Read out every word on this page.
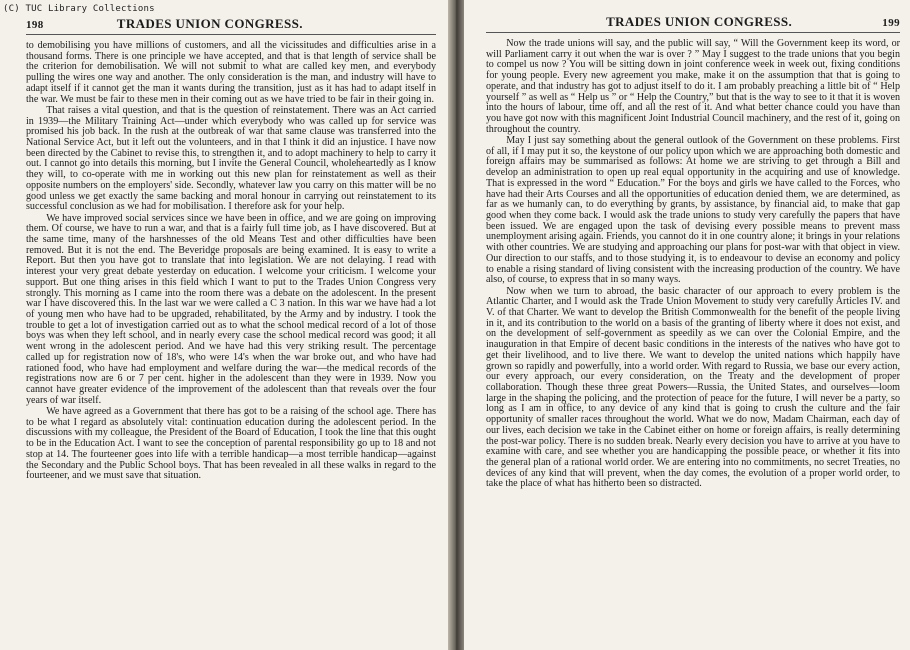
(C) TUC Library Collections
198	TRADES UNION CONGRESS.

to demobilising you have millions of customers, and all the vicissitudes and difficulties arise in a thousand forms. There is one principle we have accepted, and that is that length of service shall be the criterion for demobilisation. We will not submit to what are called key men, and everybody pulling the wires one way and another. The only consideration is the man, and industry will have to adapt itself if it cannot get the man it wants during the transition, just as it has had to adapt itself in the war. We must be fair to these men in their coming out as we have tried to be fair in their going in.

That raises a vital question, and that is the question of reinstatement. There was an Act carried in 1939—the Military Training Act—under which everybody who was called up for service was promised his job back. In the rush at the outbreak of war that same clause was transferred into the National Service Act, but it left out the volunteers, and in that I think it did an injustice. I have now been directed by the Cabinet to revise this, to strengthen it, and to adopt machinery to help to carry it out. I cannot go into details this morning, but I invite the General Council, wholeheartedly as I know they will, to co-operate with me in working out this new plan for reinstatement as well as their opposite numbers on the employers' side. Secondly, whatever law you carry on this matter will be no good unless we get exactly the same backing and moral honour in carrying out reinstatement to its successful conclusion as we had for mobilisation. I therefore ask for your help.

We have improved social services since we have been in office, and we are going on improving them. Of course, we have to run a war, and that is a fairly full time job, as I have discovered. But at the same time, many of the harshnesses of the old Means Test and other difficulties have been removed. But it is not the end. The Beveridge proposals are being examined. It is easy to write a Report. But then you have got to translate that into legislation. We are not delaying. I read with interest your very great debate yesterday on education. I welcome your criticism. I welcome your support. But one thing arises in this field which I want to put to the Trades Union Congress very strongly. This morning as I came into the room there was a debate on the adolescent. In the present war I have discovered this. In the last war we were called a C 3 nation. In this war we have had a lot of young men who have had to be upgraded, rehabilitated, by the Army and by industry. I took the trouble to get a lot of investigation carried out as to what the school medical record of a lot of those boys was when they left school, and in nearly every case the school medical record was good; it all went wrong in the adolescent period. And we have had this very striking result. The percentage called up for registration now of 18's, who were 14's when the war broke out, and who have had rationed food, who have had employment and welfare during the war—the medical records of the registrations now are 6 or 7 per cent. higher in the adolescent than they were in 1939. Now you cannot have greater evidence of the improvement of the adolescent than that reveals over the four years of war itself.

We have agreed as a Government that there has got to be a raising of the school age. There has to be what I regard as absolutely vital: continuation education during the adolescent period. In the discussions with my colleague, the President of the Board of Education, I took the line that this ought to be in the Education Act. I want to see the conception of parental responsibility go up to 18 and not stop at 14. The fourteener goes into life with a terrible handicap—a most terrible handicap—against the Secondary and the Public School boys. That has been revealed in all these walks in regard to the fourteener, and we must save that situation.

TRADES UNION CONGRESS.	199

Now the trade unions will say, and the public will say, “ Will the Government keep its word, or will Parliament carry it out when the war is over ? ” May I suggest to the trade unions that you begin to compel us now ? You will be sitting down in joint conference week in week out, fixing conditions for young people. Every new agreement you make, make it on the assumption that that is going to operate, and that industry has got to adjust itself to do it. I am probably preaching a little bit of “ Help yourself ” as well as “ Help us ” or “ Help the Country,” but that is the way to see to it that it is woven into the hours of labour, time off, and all the rest of it. And what better chance could you have than you have got now with this magnificent Joint Industrial Council machinery, and the rest of it, going on throughout the country.

May I just say something about the general outlook of the Government on these problems. First of all, if I may put it so, the keystone of our policy upon which we are approaching both domestic and foreign affairs may be summarised as follows: At home we are striving to get through a Bill and develop an administration to open up real equal opportunity in the acquiring and use of knowledge. That is expressed in the word “ Education.” For the boys and girls we have called to the Forces, who have had their Arts Courses and all the opportunities of education denied them, we are determined, as far as we humanly can, to do everything by grants, by assistance, by financial aid, to make that gap good when they come back. I would ask the trade unions to study very carefully the papers that have been issued. We are engaged upon the task of devising every possible means to prevent mass unemployment arising again. Friends, you cannot do it in one country alone; it brings in your relations with other countries. We are studying and approaching our plans for post-war with that object in view. Our direction to our staffs, and to those studying it, is to endeavour to devise an economy and policy to enable a rising standard of living consistent with the increasing production of the country. We have also, of course, to express that in so many ways.

Now when we turn to abroad, the basic character of our approach to every problem is the Atlantic Charter, and I would ask the Trade Union Movement to study very carefully Articles IV. and V. of that Charter. We want to develop the British Commonwealth for the benefit of the people living in it, and its contribution to the world on a basis of the granting of liberty where it does not exist, and on the development of self-government as speedily as we can over the Colonial Empire, and the inauguration in that Empire of decent basic conditions in the interests of the natives who have got to get their livelihood, and to live there. We want to develop the united nations which happily have grown so rapidly and powerfully, into a world order. With regard to Russia, we base our every action, our every approach, our every consideration, on the Treaty and the development of proper collaboration. Though these three great Powers—Russia, the United States, and ourselves—loom large in the shaping the policing, and the protection of peace for the future, I will never be a party, so long as I am in office, to any device of any kind that is going to crush the culture and the fair opportunity of smaller races throughout the world. What we do now, Madam Chairman, each day of our lives, each decision we take in the Cabinet either on home or foreign affairs, is really determining the post-war policy. There is no sudden break. Nearly every decision you have to arrive at you have to examine with care, and see whether you are handicapping the possible peace, or whether it fits into the general plan of a rational world order. We are entering into no commitments, no secret Treaties, no devices of any kind that will prevent, when the day comes, the evolution of a proper world order, to take the place of what has hitherto been so distracted.
